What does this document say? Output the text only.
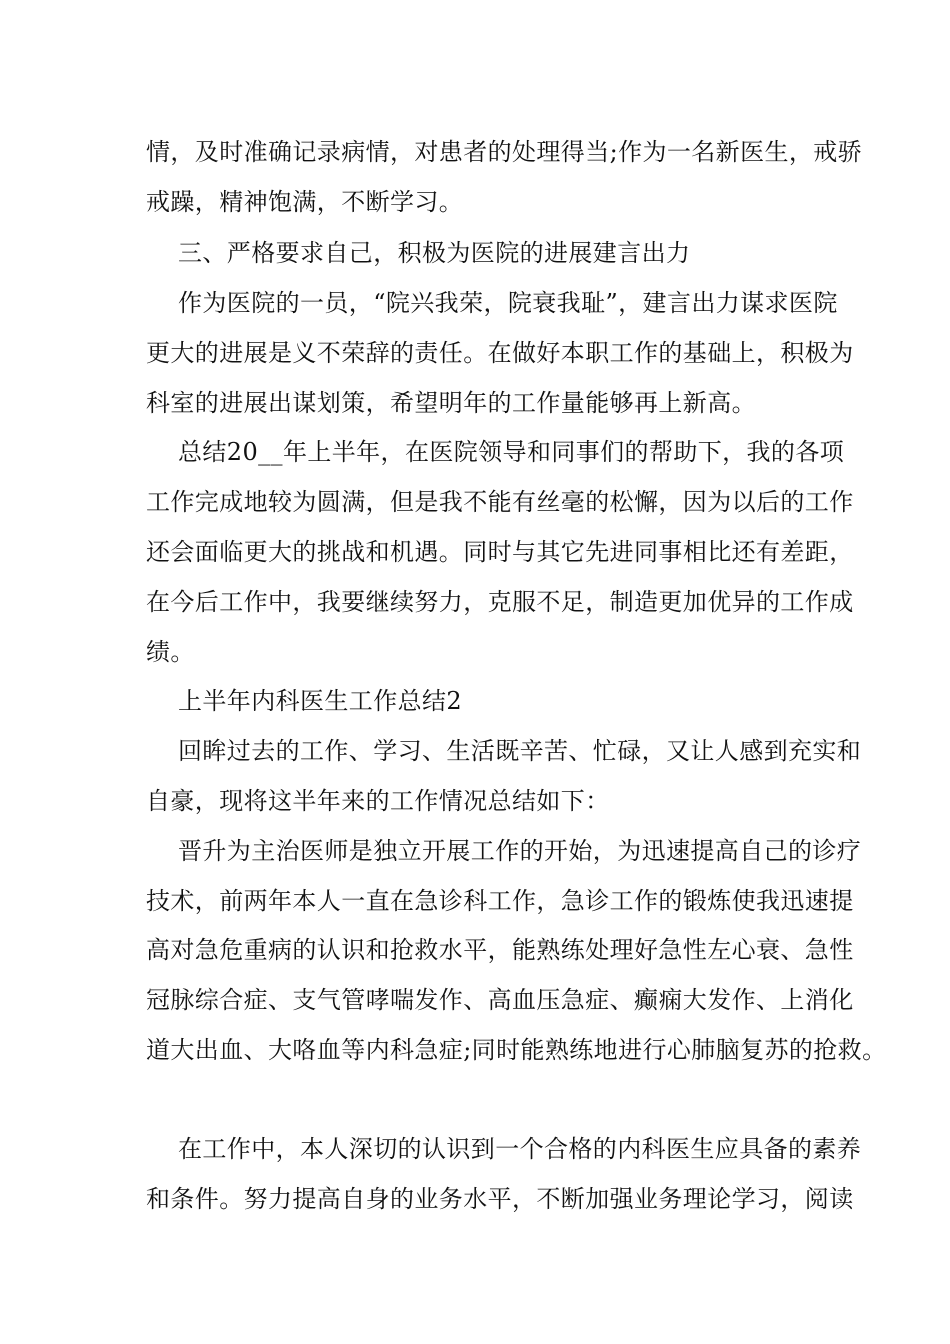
情，及时准确记录病情，对患者的处理得当;作为一名新医生，戒骄
戒躁，精神饱满，不断学习。
三、严格要求自己，积极为医院的进展建言出力
作为医院的一员，“院兴我荣，院衰我耻”，建言出力谋求医院
更大的进展是义不荣辞的责任。在做好本职工作的基础上，积极为
科室的进展出谋划策，希望明年的工作量能够再上新高。
总结20__年上半年，在医院领导和同事们的帮助下，我的各项
工作完成地较为圆满，但是我不能有丝毫的松懈，因为以后的工作
还会面临更大的挑战和机遇。同时与其它先进同事相比还有差距，
在今后工作中，我要继续努力，克服不足，制造更加优异的工作成
绩。
上半年内科医生工作总结2
回眸过去的工作、学习、生活既辛苦、忙碌，又让人感到充实和
自豪，现将这半年来的工作情况总结如下：
晋升为主治医师是独立开展工作的开始，为迅速提高自己的诊疗
技术，前两年本人一直在急诊科工作，急诊工作的锻炼使我迅速提
高对急危重病的认识和抢救水平，能熟练处理好急性左心衰、急性
冠脉综合症、支气管哮喘发作、高血压急症、癫痫大发作、上消化
道大出血、大咯血等内科急症;同时能熟练地进行心肺脑复苏的抢救。
在工作中，本人深切的认识到一个合格的内科医生应具备的素养
和条件。努力提高自身的业务水平，不断加强业务理论学习，阅读
